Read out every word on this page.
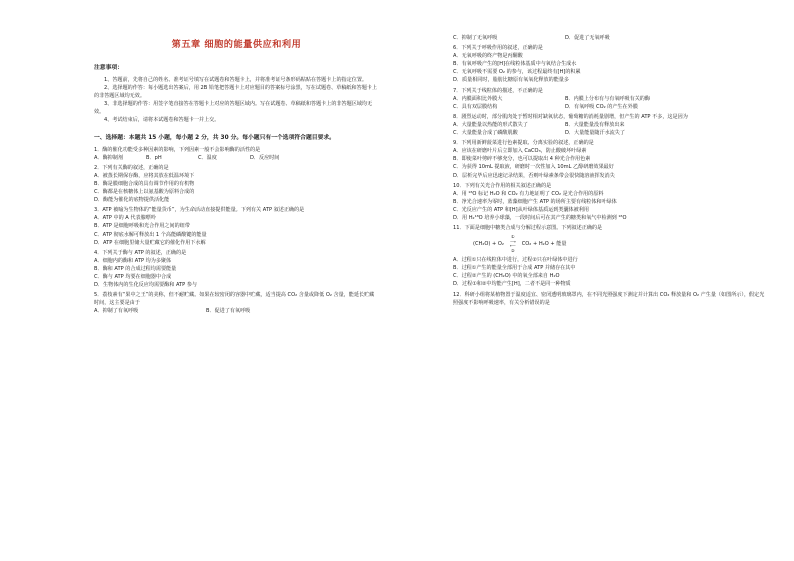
第五章 细胞的能量供应和利用
注意事项：

1、答题前，先将自己的姓名、准考证号填写在试题卷和答题卡上，并将准考证号条形码粘贴在答题卡上的指定位置。

2、选择题的作答：每小题选出答案后，用 2B 铅笔把答题卡上对应题目的答案标号涂黑，写在试题卷、草稿纸和答题卡上的非答题区域均无效。

3、非选择题的作答：用签字笔直接答在答题卡上对应的答题区域内。写在试题卷、草稿纸和答题卡上的非答题区域均无效。

4、考试结束后，请将本试题卷和答题卡一并上交。

一、选择题：本题共 15 小题，每小题 2 分，共 30 分。每小题只有一个选项符合题目要求。

1．酶的催化功能受多种因素的影响，下列因素一般不会影响酶的活性的是

A．酶抑制剂	B．pH	C．温度	D．反应时间

2．下列有关酶的叙述，正确的是

A．被蒸长期保存酶，应将其放在低温环境下

B．酶是膜细胞合成的具有调节作用的有机物

C．酶都是在核糖体上以氨基酸为原料合成的

D．酶能为催化的底物提供活化能

3．ATP 被喻为生物体的“能量货币”，为生命活动直接提供能量。下列有关 ATP 叙述正确的是

A．ATP 中的 A 代表腺嘌呤

B．ATP 是细胞呼吸和光合作用之间的纽带

C．ATP 彻底水解可释放出 1 个高能磷酸键的能量

D．ATP 在细胞里储大量贮藏它的催化作用下水解

4．下列关于酶与 ATP 的叙述，正确的是

A．细胞内的酶和 ATP 均为多聚体

B．酶和 ATP 的合成过程均需要能量

C．酶与 ATP 均要在细胞器中合成

D．生物体内的生化反应均需要酶和 ATP 参与

5．荔枝素有“果中之王”的美称，但不耐贮藏。如果在较密闭的容器中贮藏，适当提高 CO₂ 含量或降低 O₂ 含量，能延长贮藏时间，这主要是由于

A．抑制了有氧呼吸	B．促进了有氧呼吸
C．抑制了无氧呼吸	D．促进了无氧呼吸

6．下列关于呼吸作用的叙述，正确的是

A．无氧呼吸的终产物是丙酮酸

B．有氧呼吸产生的[H]在线粒体基质中与氧结合生成水

C．无氧呼吸不需要 O₂ 的参与，该过程最终有[H]的积累

D．质量相同时，脂肪比糖原有氧氧化释放的能量多

7．下列关于线粒体的描述，不正确的是

A．内膜面积比外膜大	B．内膜上分布有与有氧呼吸有关的酶
C．具有双层膜结构	D．有氧呼吸 CO₂ 的产生在外膜

8．剧烈运动时，部分肌肉处于暂时相对缺氧状态，葡萄糖的消耗量剧增，但产生的 ATP 不多，这是因为

A．大量能量以热能的形式散失了	B．大量能量没有释放出来
C．大量能量合成了磷酸肌酸	D．大量能量随汗水流失了

9．下列用新鲜菠菜进行色素提取、分离实验的叙述，正确的是

A．应该在研磨叶片后立即加入 CaCO₃，防止酸破坏叶绿素

B．即使菜叶剪碎不够充分，也可以提取出 4 种光合作用色素

C．为获得 10mL 提取液，研磨时一次性加入 10mL 乙醇研磨效果最好

D．层析完毕后应迅速记录结果，否则叶绿素条带会很快随溶液挥发消失

10．下列有关光合作用的相关叙述正确的是

A．用 ¹⁸O 标记 H₂O 和 CO₂ 有力地证明了 CO₂ 是光合作用的原料

B．净光合速率为零时，蓝藻细胞产生 ATP 的场所主要有线粒体和叶绿体

C．光反应产生的 ATP 和[H]从叶绿体基质运到类囊体被利用

D．用 H₂¹⁸O 培养小球藻，一段时间后可在其产生的糖类和氧气中检测到 ¹⁸O

11．下面是细胞中糖类合成与分解过程示意图。下列叙述正确的是

(CH₂O) + O₂
①
⟶
⟵
②
CO₂ + H₂O + 能量

A．过程①只在线粒体中进行，过程②只在叶绿体中进行

B．过程①产生的能量全部用于合成 ATP 并储存在其中

C．过程②产生的 (CH₂O) 中的氧全部来自 H₂O

D．过程①和②中均能产生[H]，二者不是同一种物质

12．科研小组将某植物置于温度适宜、密闭透明玻璃罩内，在不同光照强度下测定并计算出 CO₂ 释放量和 O₂ 产生量（如图所示），假定光照强度不影响呼吸速率，有关分析错误的是
